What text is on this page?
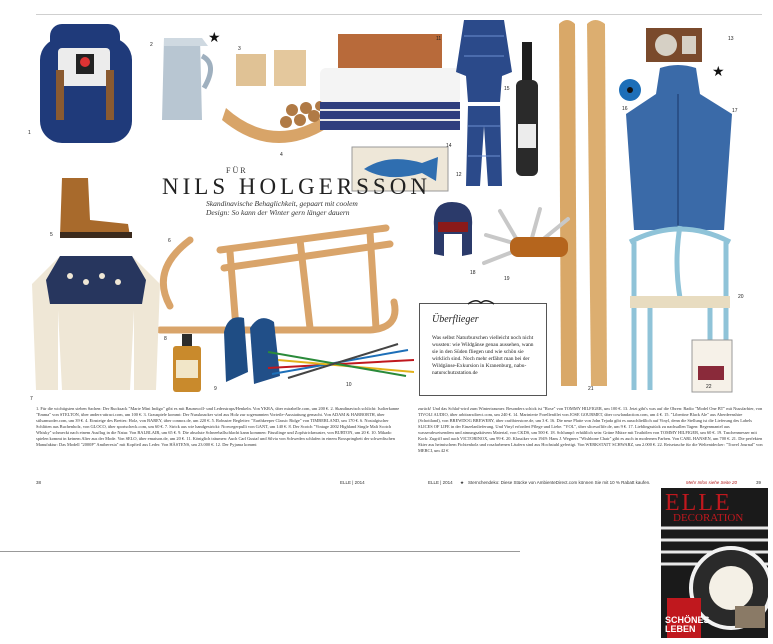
1
★
2
3
4
5
6
7
8
9
10
11
12
15
21
★
13
16	17
14
18
19
20
22
FÜR
NILS HOLGERSSON
Skandinavische Behaglichkeit, gepaart mit coolem Design: So kann der Winter gern länger dauern
Überflieger
Was selbst Naturburschen vielleicht noch nicht wussten: wie Wildgänse genau aussehen, wann sie in den Süden fliegen und wie schön sie wirklich sind. Noch mehr erfährt man bei der Wildgänse-Exkursion in Kranenburg, nabu-naturschutzstation.de
1. Für die wichtigsten sieben Sachen: Der Rucksack "Marie Mini Indigo" gibt es mit Baumwoll- und Lederstraps/Henkeln. Von YKRA, über mirabelle.com, um 200 €. 2. Skandinavisch schlicht: Isolierkanne "Emma" von STELTON, über anders-attract.com, um 100 €. 3. Grauspiele kommt: Der Nussknacker wird aus Holz zur sogenannten Vorteile-Ausstattung gemacht. Von ADAM & HARBORTH, über stilsamsoder.com, um 39 €. 4. Einsteige des Brettes: Holz, von BAREY, über connox.de, um 220 €. 5. Robuster Begleiter: "Earthkeeper Classic Ridge" von TIMBERLAND, um 170 €. 6. Nostalgischer Schlitten aus Buchenholz, von GLOCO, über sportscheck.com, um 60 €. 7. Strick aus wie handgestrickt: Norwegerpulli von GANT, um 140 €. 8. Der Scotch "Vintage 2002 Highland Single Malt Scotch Whisky" schmeckt nach einem Ausflug in die Natur. Von BALBLAIR, um 65 €. 9. Die absolute Schneeballschlacht kann kommen: Fäustlinge und Zopfstrickmuster, von BURTON, um 20 €. 10. Mikado spielen kommt in keinem Alter aus der Mode. Von SELO, über emaison.de, um 20 €. 11. Königlich träumen: Auch Carl Gustaf und Silvia von Schweden schlafen in einem Boxspringbett der schwedischen Manufaktur: Das Modell "2000P" Amiberesia" mit Kopfteil aus Leder. Von HÄSTENS, um 23.000 €. 12. Der Pyjama kommt
zurück! Und das Schlaf-wird zum Wintertraumer. Besonders schick ist "Rose" von TOMMY HILFIGER, um 100 €. 13. Jetzt gibt's was auf die Ohren: Radio "Model One BT" mit Nussfarbier, von TIVOLI AUDIO, über arbitrarsdirect.com, um 240 €. 14. Marinierte Forellenfilet von JOSE GOURMET, über cowlandaction.com, um 4 €. 15. "Libertine Black Ale" aus Aberdeenshire (Schottland), von BREWDOG BREWERY, über craftbierstore.de, um 3 €. 16. Die neue Platte von John Tejada gibt es ausschließlich auf Vinyl, denn die Stellung ist die Lieferung des Labels SLICES OF LIFE in der Einzelanlieferung. Und Vinyl erfordert Pflege und Liebe. "YOL", über slicesoflife.de, um 9 €. 17. Lieblingsstück zu nachsallen Tagen: Regenmantel aus wasserabweisendem und atmungsaktivem Material, von CKDS, um 500 €. 18. Schlumpf: erhältlich sein: Grüne Mütze mit Truthölen von TOMMY HILFIGER, um 60 €. 19. Taschenmesser mit Kork: Zugriff und auch VICTORINOX, um 99 €. 20. Klassiker von 1949: Hans J. Wegners "Wishbone Chair" gibt es auch in modernen Farben. Von CARL HANSEN, um 700 €. 21. Die perfekten Skier aus heimischem Fichtenholz und rosafarbenen Läufern sind aus Hochstuhl gefertigt. Von WERKSTATT SCHWARZ, um 2.000 €. 22. Reisetasche für die Weltentdecker: "Travel Journal" von MERCI, um 42 €
38	ELLE | 2014	ELLE | 2014 ★ Sternchendeko: Diese Stücke von AmbienteDirect.com können Sie mit 10 % Rabatt kaufen.	Mehr Infos siehe Seite 20	39
ELLE
DECORATION
SCHÖNES LEBEN
